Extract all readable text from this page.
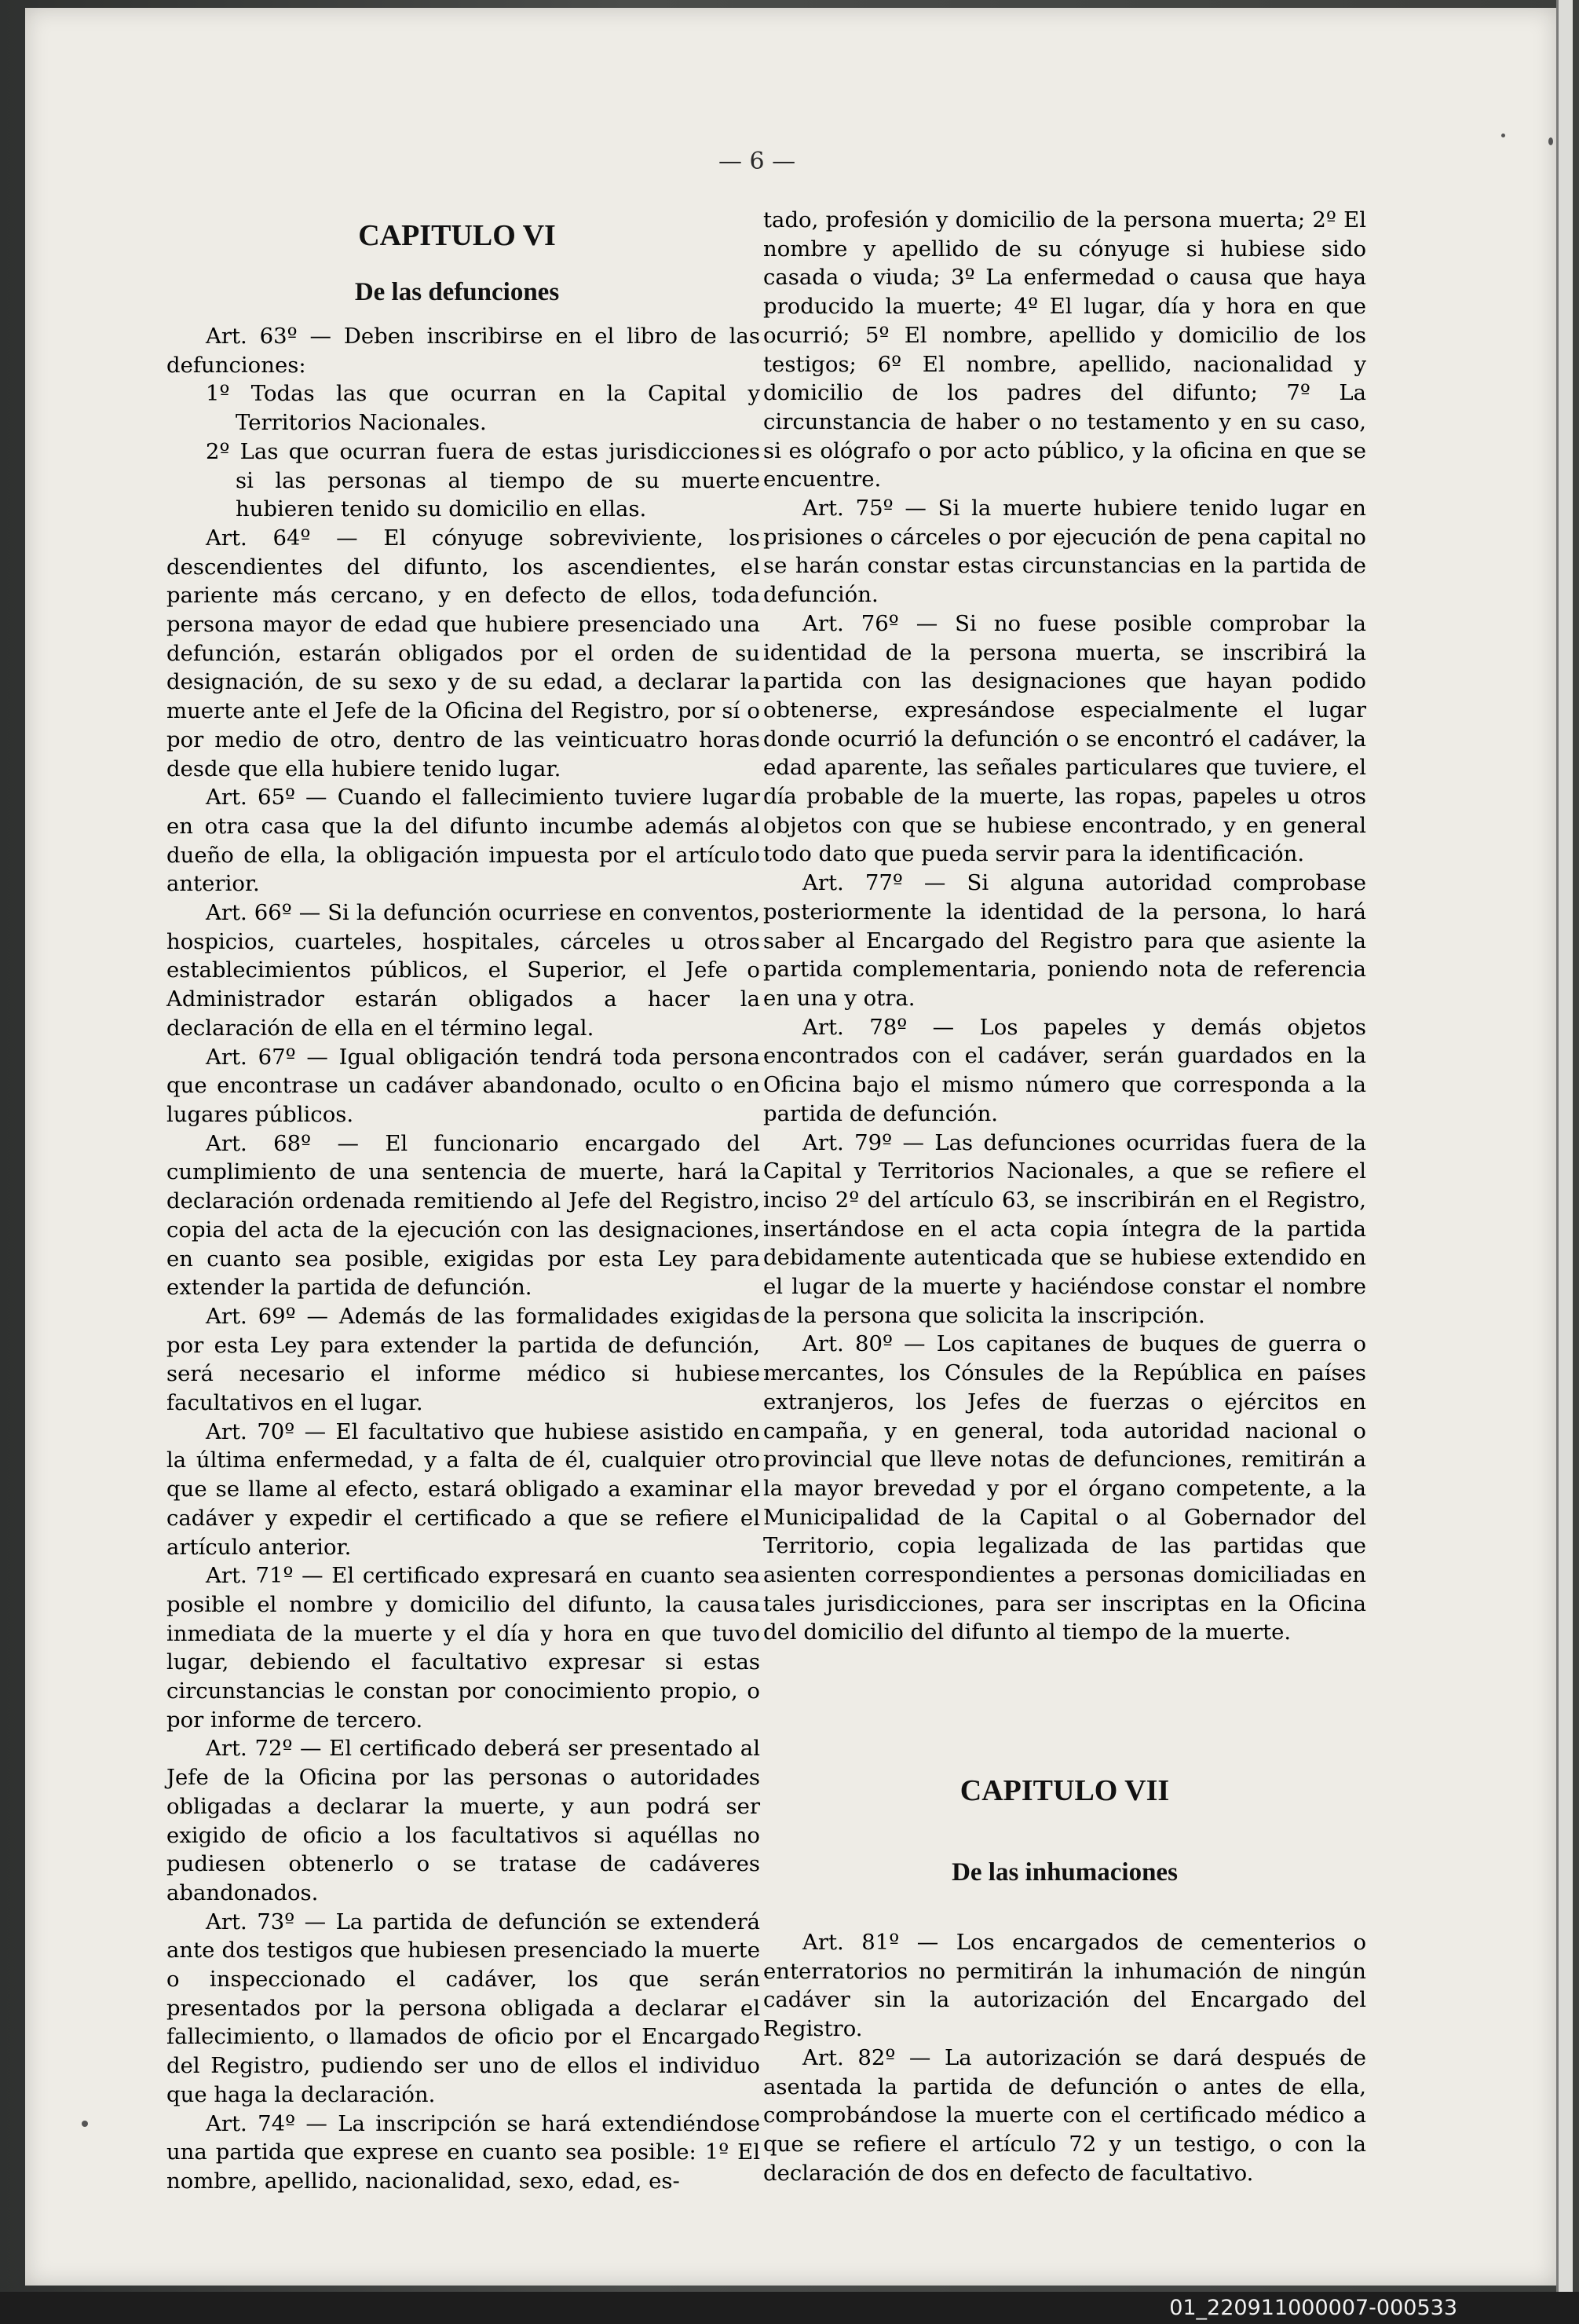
— 6 —
CAPITULO VI
De las defunciones

Art. 63º — Deben inscribirse en el libro de las defunciones:

1º Todas las que ocurran en la Capital y Territorios Nacionales.

2º Las que ocurran fuera de estas jurisdicciones si las personas al tiempo de su muerte hubieren tenido su domicilio en ellas.

Art. 64º — El cónyuge sobreviviente, los descendientes del difunto, los ascendientes, el pariente más cercano, y en defecto de ellos, toda persona mayor de edad que hubiere presenciado una defunción, estarán obligados por el orden de su designación, de su sexo y de su edad, a declarar la muerte ante el Jefe de la Oficina del Registro, por sí o por medio de otro, dentro de las veinticuatro horas desde que ella hubiere tenido lugar.

Art. 65º — Cuando el fallecimiento tuviere lugar en otra casa que la del difunto incumbe además al dueño de ella, la obligación impuesta por el artículo anterior.

Art. 66º — Si la defunción ocurriese en conventos, hospicios, cuarteles, hospitales, cárceles u otros establecimientos públicos, el Superior, el Jefe o Administrador estarán obligados a hacer la declaración de ella en el término legal.

Art. 67º — Igual obligación tendrá toda persona que encontrase un cadáver abandonado, oculto o en lugares públicos.

Art. 68º — El funcionario encargado del cumplimiento de una sentencia de muerte, hará la declaración ordenada remitiendo al Jefe del Registro, copia del acta de la ejecución con las designaciones, en cuanto sea posible, exigidas por esta Ley para extender la partida de defunción.

Art. 69º — Además de las formalidades exigidas por esta Ley para extender la partida de defunción, será necesario el informe médico si hubiese facultativos en el lugar.

Art. 70º — El facultativo que hubiese asistido en la última enfermedad, y a falta de él, cualquier otro que se llame al efecto, estará obligado a examinar el cadáver y expedir el certificado a que se refiere el artículo anterior.

Art. 71º — El certificado expresará en cuanto sea posible el nombre y domicilio del difunto, la causa inmediata de la muerte y el día y hora en que tuvo lugar, debiendo el facultativo expresar si estas circunstancias le constan por conocimiento propio, o por informe de tercero.

Art. 72º — El certificado deberá ser presentado al Jefe de la Oficina por las personas o autoridades obligadas a declarar la muerte, y aun podrá ser exigido de oficio a los facultativos si aquéllas no pudiesen obtenerlo o se tratase de cadáveres abandonados.

Art. 73º — La partida de defunción se extenderá ante dos testigos que hubiesen presenciado la muerte o inspeccionado el cadáver, los que serán presentados por la persona obligada a declarar el fallecimiento, o llamados de oficio por el Encargado del Registro, pudiendo ser uno de ellos el individuo que haga la declaración.

Art. 74º — La inscripción se hará extendiéndose una partida que exprese en cuanto sea posible: 1º El nombre, apellido, nacionalidad, sexo, edad, es-

tado, profesión y domicilio de la persona muerta; 2º El nombre y apellido de su cónyuge si hubiese sido casada o viuda; 3º La enfermedad o causa que haya producido la muerte; 4º El lugar, día y hora en que ocurrió; 5º El nombre, apellido y domicilio de los testigos; 6º El nombre, apellido, nacionalidad y domicilio de los padres del difunto; 7º La circunstancia de haber o no testamento y en su caso, si es ológrafo o por acto público, y la oficina en que se encuentre.

Art. 75º — Si la muerte hubiere tenido lugar en prisiones o cárceles o por ejecución de pena capital no se harán constar estas circunstancias en la partida de defunción.

Art. 76º — Si no fuese posible comprobar la identidad de la persona muerta, se inscribirá la partida con las designaciones que hayan podido obtenerse, expresándose especialmente el lugar donde ocurrió la defunción o se encontró el cadáver, la edad aparente, las señales particulares que tuviere, el día probable de la muerte, las ropas, papeles u otros objetos con que se hubiese encontrado, y en general todo dato que pueda servir para la identificación.

Art. 77º — Si alguna autoridad comprobase posteriormente la identidad de la persona, lo hará saber al Encargado del Registro para que asiente la partida complementaria, poniendo nota de referencia en una y otra.

Art. 78º — Los papeles y demás objetos encontrados con el cadáver, serán guardados en la Oficina bajo el mismo número que corresponda a la partida de defunción.

Art. 79º — Las defunciones ocurridas fuera de la Capital y Territorios Nacionales, a que se refiere el inciso 2º del artículo 63, se inscribirán en el Registro, insertándose en el acta copia íntegra de la partida debidamente autenticada que se hubiese extendido en el lugar de la muerte y haciéndose constar el nombre de la persona que solicita la inscripción.

Art. 80º — Los capitanes de buques de guerra o mercantes, los Cónsules de la República en países extranjeros, los Jefes de fuerzas o ejércitos en campaña, y en general, toda autoridad nacional o provincial que lleve notas de defunciones, remitirán a la mayor brevedad y por el órgano competente, a la Municipalidad de la Capital o al Gobernador del Territorio, copia legalizada de las partidas que asienten correspondientes a personas domiciliadas en tales jurisdicciones, para ser inscriptas en la Oficina del domicilio del difunto al tiempo de la muerte.

CAPITULO VII
De las inhumaciones

Art. 81º — Los encargados de cementerios o enterratorios no permitirán la inhumación de ningún cadáver sin la autorización del Encargado del Registro.

Art. 82º — La autorización se dará después de asentada la partida de defunción o antes de ella, comprobándose la muerte con el certificado médico a que se refiere el artículo 72 y un testigo, o con la declaración de dos en defecto de facultativo.

01_220911000007-000533
